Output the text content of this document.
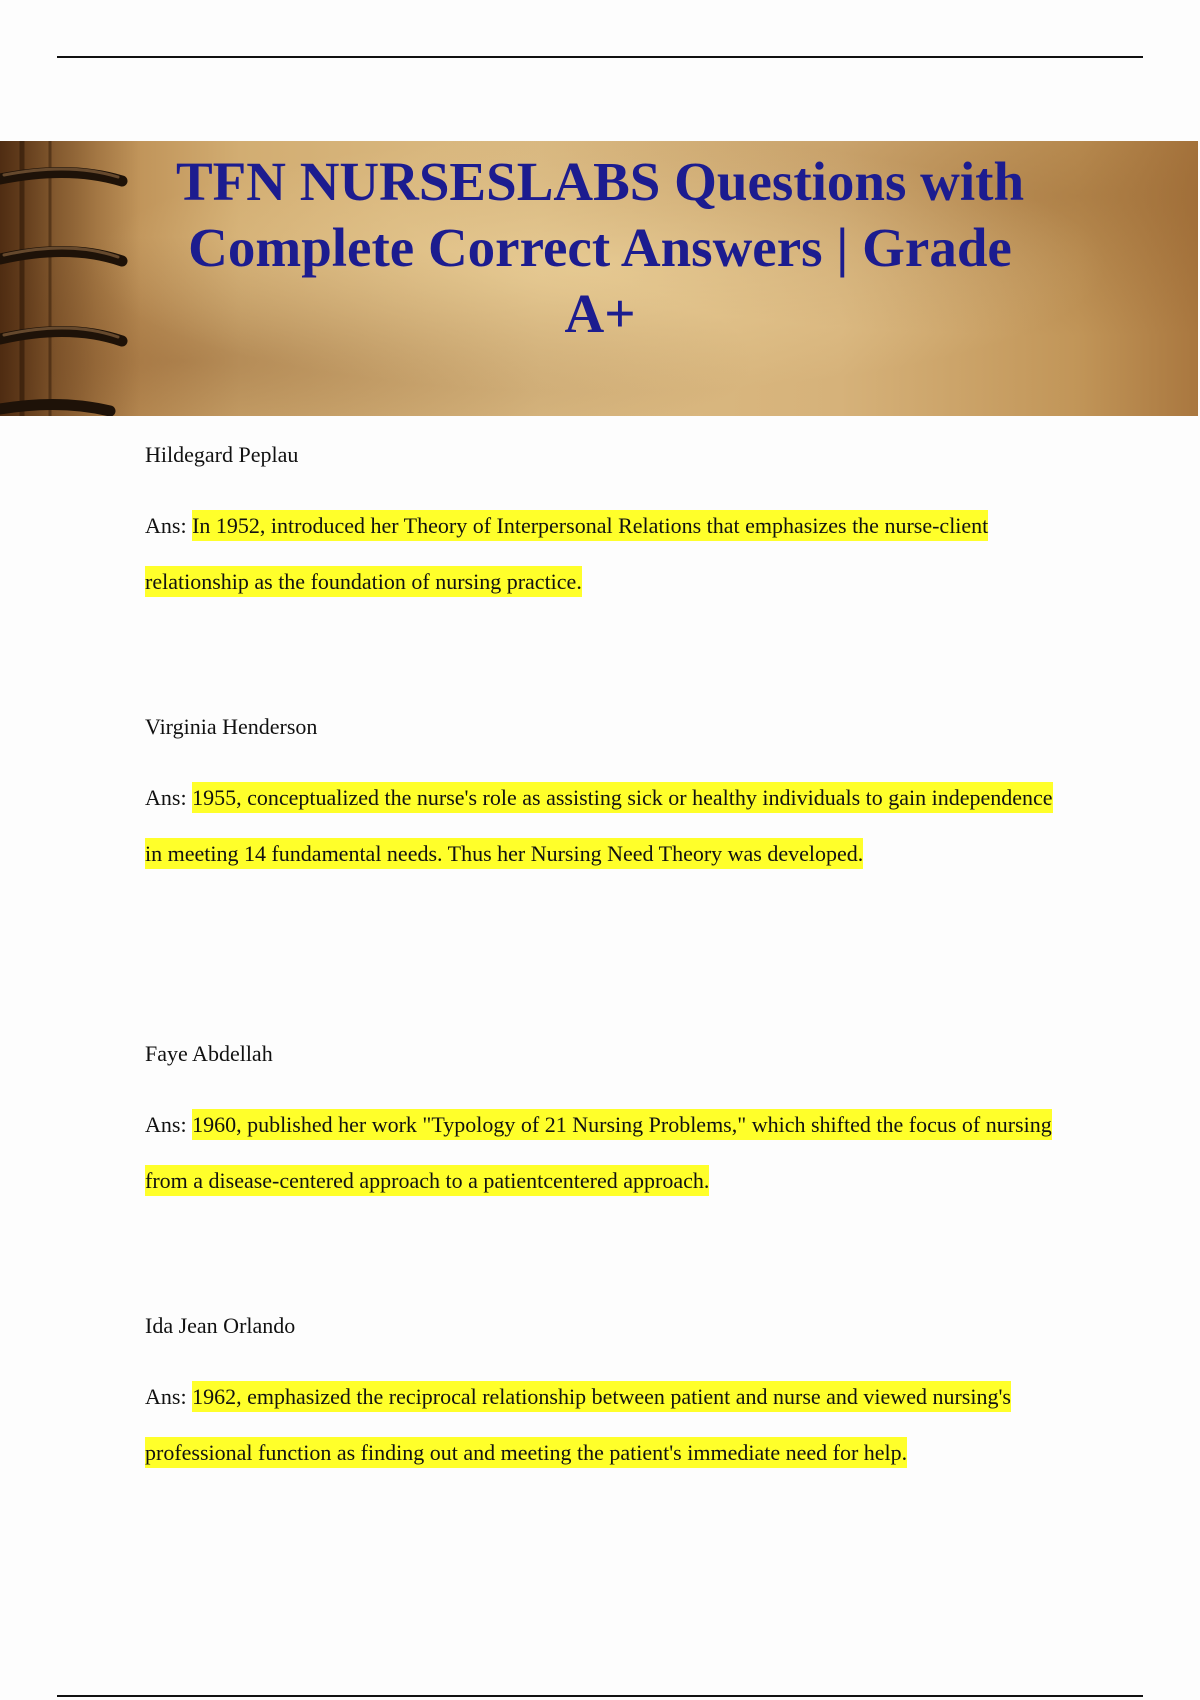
TFN NURSESLABS Questions with Complete Correct Answers | Grade A+

Hildegard Peplau

Ans: In 1952, introduced her Theory of Interpersonal Relations that emphasizes the nurse-client relationship as the foundation of nursing practice.

Virginia Henderson

Ans: 1955, conceptualized the nurse's role as assisting sick or healthy individuals to gain independence in meeting 14 fundamental needs. Thus her Nursing Need Theory was developed.

Faye Abdellah

Ans: 1960, published her work "Typology of 21 Nursing Problems," which shifted the focus of nursing from a disease-centered approach to a patientcentered approach.

Ida Jean Orlando

Ans: 1962, emphasized the reciprocal relationship between patient and nurse and viewed nursing's professional function as finding out and meeting the patient's immediate need for help.
